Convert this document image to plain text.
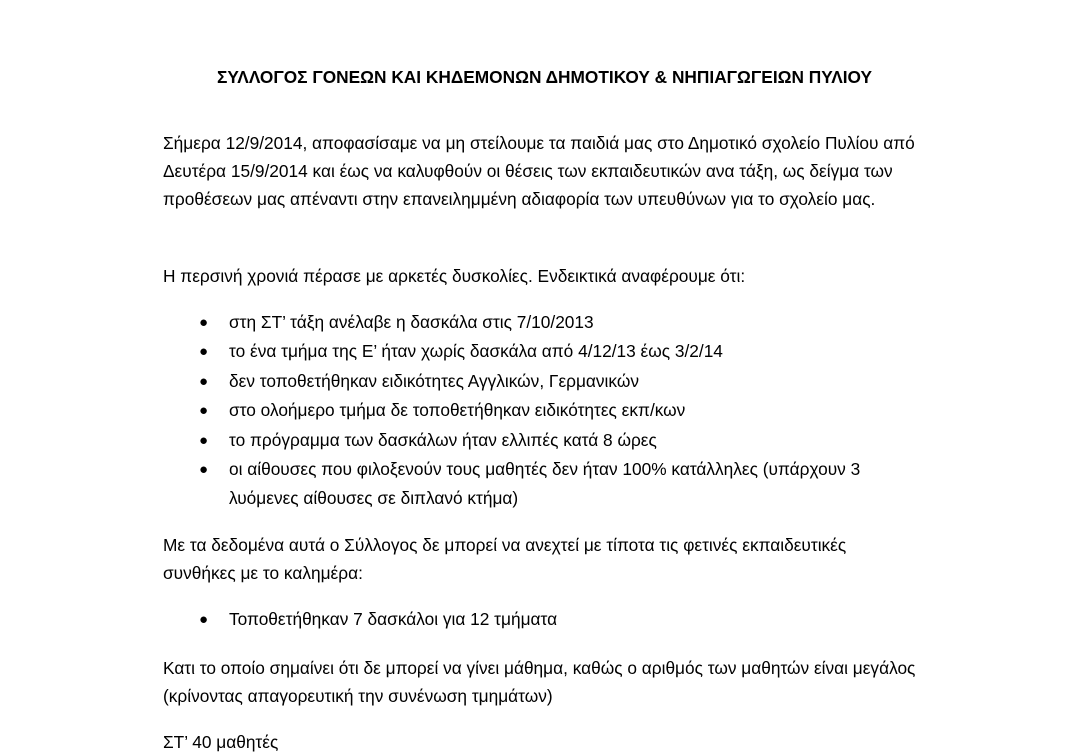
ΣΥΛΛΟΓΟΣ ΓΟΝΕΩΝ ΚΑΙ ΚΗΔΕΜΟΝΩΝ ΔΗΜΟΤΙΚΟΥ & ΝΗΠΙΑΓΩΓΕΙΩΝ ΠΥΛΙΟΥ

Σήμερα 12/9/2014, αποφασίσαμε να μη στείλουμε τα παιδιά μας στο Δημοτικό σχολείο Πυλίου από Δευτέρα 15/9/2014 και έως να καλυφθούν οι θέσεις των εκπαιδευτικών ανα τάξη, ως δείγμα των προθέσεων μας απέναντι στην επανειλημμένη αδιαφορία των υπευθύνων για το σχολείο μας.

Η περσινή χρονιά πέρασε με αρκετές δυσκολίες. Ενδεικτικά αναφέρουμε ότι:

● στη ΣΤ’ τάξη ανέλαβε η δασκάλα στις 7/10/2013
● το ένα τμήμα της Ε’ ήταν χωρίς δασκάλα από 4/12/13 έως 3/2/14
● δεν τοποθετήθηκαν ειδικότητες Αγγλικών, Γερμανικών
● στο ολοήμερο τμήμα δε τοποθετήθηκαν ειδικότητες εκπ/κων
● το πρόγραμμα των δασκάλων ήταν ελλιπές κατά 8 ώρες
● οι αίθουσες που φιλοξενούν τους μαθητές δεν ήταν 100% κατάλληλες (υπάρχουν 3 λυόμενες αίθουσες σε διπλανό κτήμα)

Με τα δεδομένα αυτά ο Σύλλογος δε μπορεί να ανεχτεί με τίποτα τις φετινές εκπαιδευτικές συνθήκες με το καλημέρα:

● Τοποθετήθηκαν 7 δασκάλοι για 12 τμήματα

Κατι το οποίο σημαίνει ότι δε μπορεί να γίνει μάθημα, καθώς ο αριθμός των μαθητών είναι μεγάλος (κρίνοντας απαγορευτική την συνένωση τμημάτων)

ΣΤ’ 40 μαθητές
